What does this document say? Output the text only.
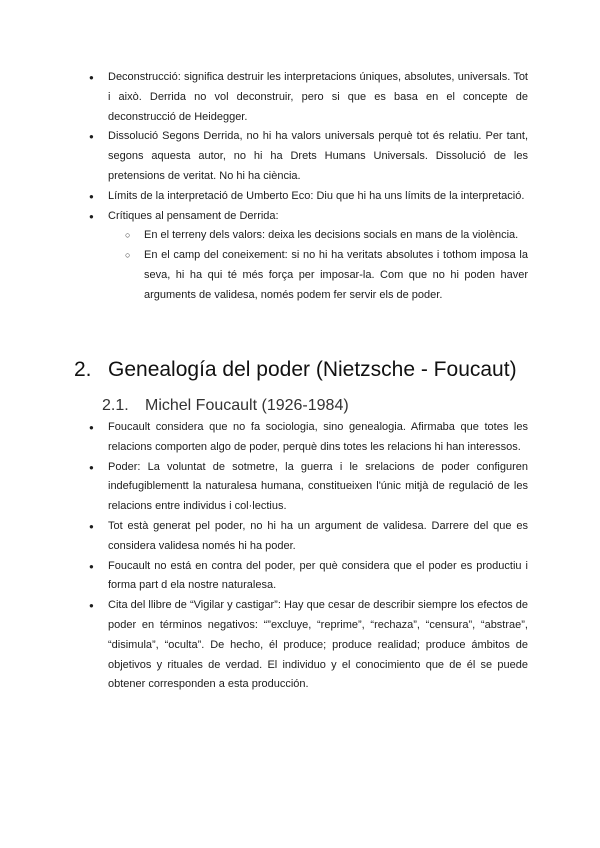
● Deconstrucció: significa destruir les interpretacions úniques, absolutes, universals. Tot i això. Derrida no vol deconstruir, pero si que es basa en el concepte de deconstrucció de Heidegger.
● Dissolució Segons Derrida, no hi ha valors universals perquè tot és relatiu. Per tant, segons aquesta autor, no hi ha Drets Humans Universals. Dissolució de les pretensions de veritat. No hi ha ciència.
● Límits de la interpretació de Umberto Eco: Diu que hi ha uns límits de la interpretació.
● Crítiques al pensament de Derrida:
○ En el terreny dels valors: deixa les decisions socials en mans de la violència.
○ En el camp del coneixement: si no hi ha veritats absolutes i tothom imposa la seva, hi ha qui té més força per imposar-la. Com que no hi poden haver arguments de validesa, només podem fer servir els de poder.
2. Genealogía del poder (Nietzsche - Foucaut)
2.1. Michel Foucault (1926-1984)
● Foucault considera que no fa sociologia, sino genealogia. Afirmaba que totes les relacions comporten algo de poder, perquè dins totes les relacions hi han interessos.
● Poder: La voluntat de sotmetre, la guerra i le srelacions de poder configuren indefugiblementt la naturalesa humana, constitueixen l'únic mitjà de regulació de les relacions entre individus i col·lectius.
● Tot està generat pel poder, no hi ha un argument de validesa. Darrere del que es considera validesa només hi ha poder.
● Foucault no está en contra del poder, per què considera que el poder es productiu i forma part d ela nostre naturalesa.
● Cita del llibre de “Vigilar y castigar”: Hay que cesar de describir siempre los efectos de poder en términos negativos: “”excluye, “reprime”, “rechaza”, “censura”, “abstrae”, “disimula”, “oculta”. De hecho, él produce; produce realidad; produce ámbitos de objetivos y rituales de verdad. El individuo y el conocimiento que de él se puede obtener corresponden a esta producción.
